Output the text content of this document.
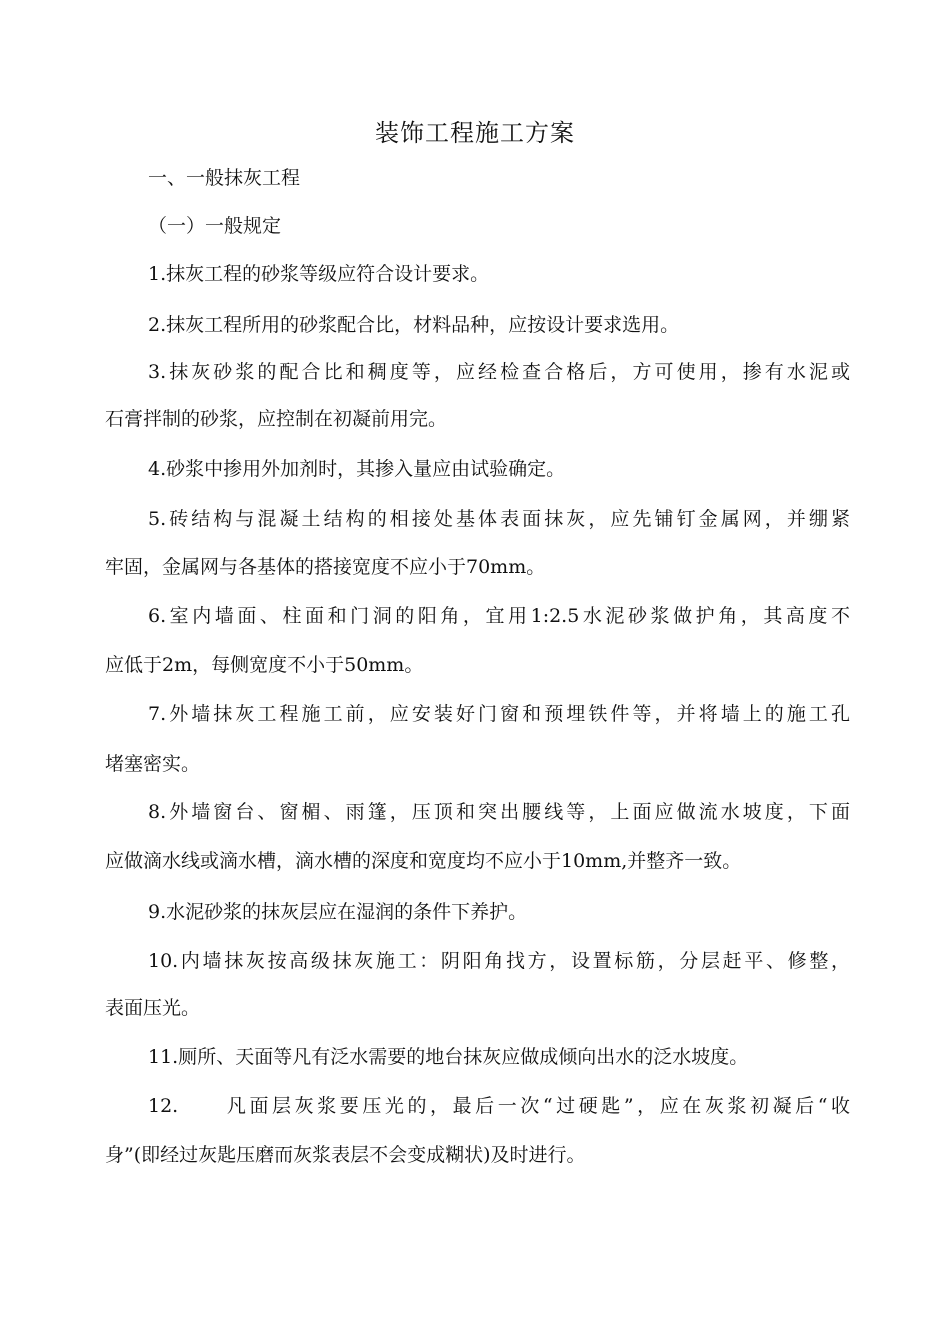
装饰工程施工方案
一、一般抹灰工程
（一）一般规定
1.抹灰工程的砂浆等级应符合设计要求。
2.抹灰工程所用的砂浆配合比，材料品种，应按设计要求选用。
3.抹灰砂浆的配合比和稠度等，应经检查合格后，方可使用，掺有水泥或
石膏拌制的砂浆，应控制在初凝前用完。
4.砂浆中掺用外加剂时，其掺入量应由试验确定。
5.砖结构与混凝土结构的相接处基体表面抹灰，应先铺钉金属网，并绷紧
牢固，金属网与各基体的搭接宽度不应小于70mm。
6.室内墙面、柱面和门洞的阳角，宜用1:2.5水泥砂浆做护角，其高度不
应低于2m，每侧宽度不小于50mm。
7.外墙抹灰工程施工前，应安装好门窗和预埋铁件等，并将墙上的施工孔
堵塞密实。
8.外墙窗台、窗楣、雨篷，压顶和突出腰线等，上面应做流水坡度，下面
应做滴水线或滴水槽，滴水槽的深度和宽度均不应小于10mm,并整齐一致。
9.水泥砂浆的抹灰层应在湿润的条件下养护。
10.内墙抹灰按高级抹灰施工：阴阳角找方，设置标筋，分层赶平、修整，
表面压光。
11.厕所、天面等凡有泛水需要的地台抹灰应做成倾向出水的泛水坡度。
12.　　凡面层灰浆要压光的，最后一次“过硬匙”，应在灰浆初凝后“收
身”(即经过灰匙压磨而灰浆表层不会变成糊状)及时进行。
